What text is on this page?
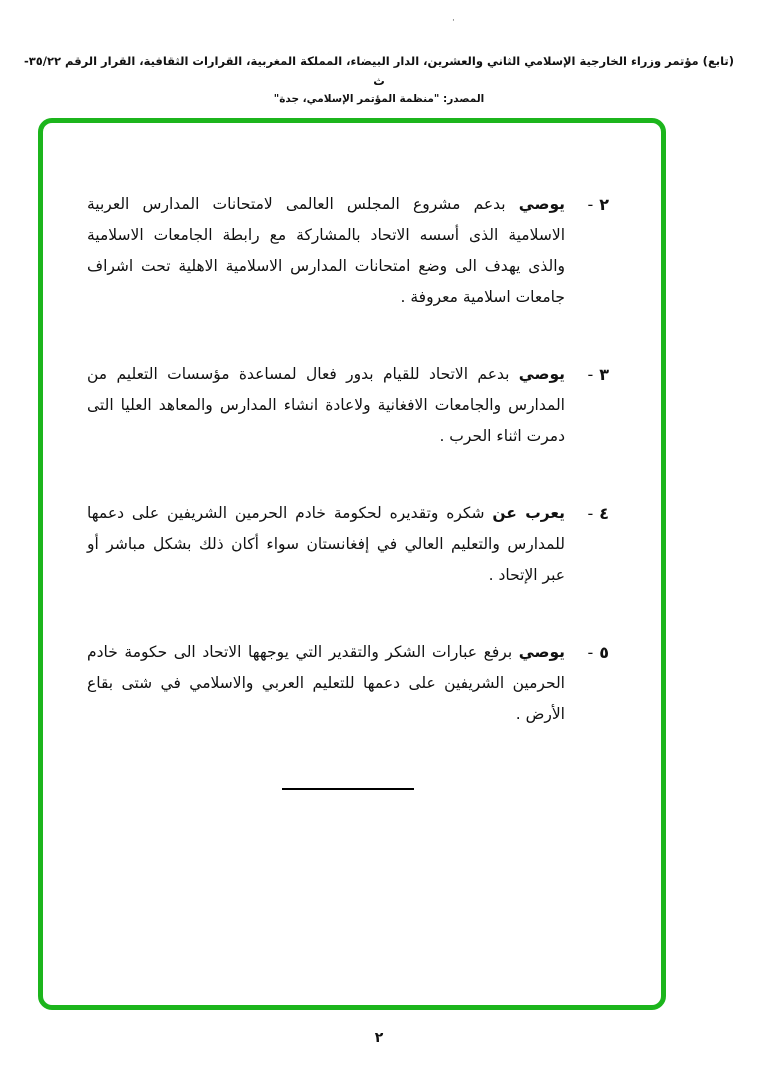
·
(تابع) مؤتمر وزراء الخارجية الإسلامي الثاني والعشرين، الدار البيضاء، المملكة المغربية، القرارات الثقافية، القرار الرقم ٣٥/٢٢-ث
المصدر: "منظمة المؤتمر الإسلامي، جدة"
٢-
يوصي بدعم مشروع المجلس العالمى لامتحانات المدارس العربية الاسلامية الذى أسسه الاتحاد بالمشاركة مع رابطة الجامعات الاسلامية والذى يهدف الى وضع امتحانات المدارس الاسلامية الاهلية تحت اشراف جامعات اسلامية معروفة .
٣-
يوصي بدعم الاتحاد للقيام بدور فعال لمساعدة مؤسسات التعليم من المدارس والجامعات الافغانية ولاعادة انشاء المدارس والمعاهد العليا التى دمرت اثناء الحرب .
٤-
يعرب عن شكره وتقديره لحكومة خادم الحرمين الشريفين على دعمها للمدارس والتعليم العالي في إفغانستان سواء أكان ذلك بشكل مباشر أو عبر الإتحاد .
٥-
يوصي برفع عبارات الشكر والتقدير التي يوجهها الاتحاد الى حكومة خادم الحرمين الشريفين على دعمها للتعليم العربي والاسلامي في شتى بقاع الأرض .
٢
